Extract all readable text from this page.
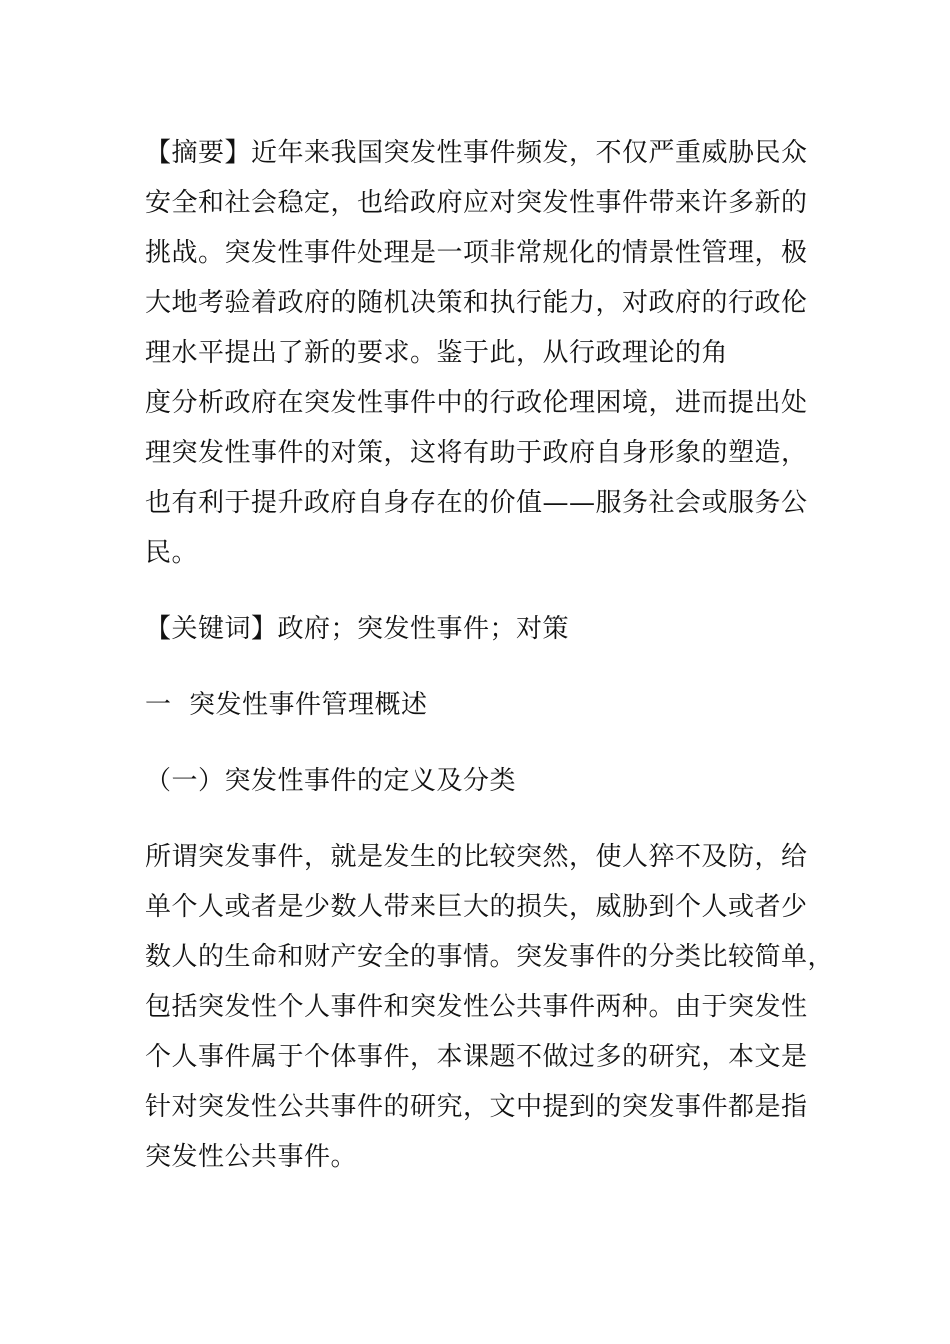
【摘要】近年来我国突发性事件频发，不仅严重威胁民众
安全和社会稳定，也给政府应对突发性事件带来许多新的
挑战。突发性事件处理是一项非常规化的情景性管理，极
大地考验着政府的随机决策和执行能力，对政府的行政伦
理水平提出了新的要求。鉴于此，从行政理论的角
度分析政府在突发性事件中的行政伦理困境，进而提出处
理突发性事件的对策，这将有助于政府自身形象的塑造，
也有利于提升政府自身存在的价值——服务社会或服务公
民。

【关键词】政府；突发性事件；对策

一  突发性事件管理概述

（一）突发性事件的定义及分类

所谓突发事件，就是发生的比较突然，使人猝不及防，给
单个人或者是少数人带来巨大的损失，威胁到个人或者少
数人的生命和财产安全的事情。突发事件的分类比较简单，
包括突发性个人事件和突发性公共事件两种。由于突发性
个人事件属于个体事件，本课题不做过多的研究，本文是
针对突发性公共事件的研究，文中提到的突发事件都是指
突发性公共事件。
